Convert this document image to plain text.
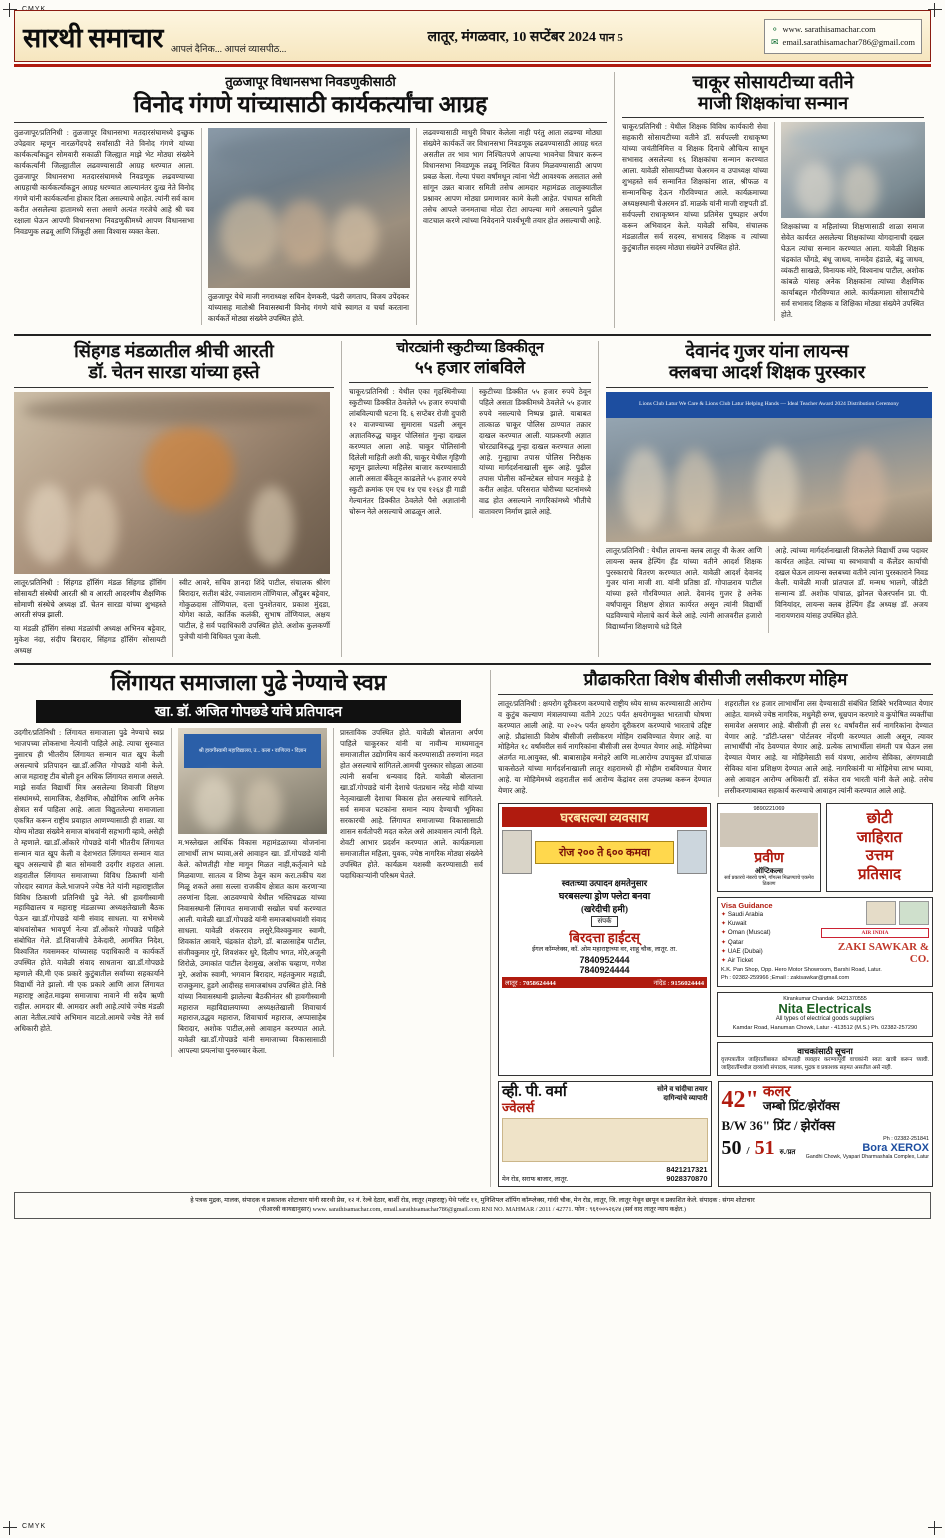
CMYK
सारथी समाचार आपलं दैनिक... आपलं व्यासपीठ...
लातूर, मंगळवार, 10 सप्टेंबर 2024 पान 5
⚬ www. sarathisamachar.com
✉ email.sarathisamachar786@gmail.com
तुळजापूर विधानसभा निवडणुकीसाठी
विनोद गंगणे यांच्यासाठी कार्यकर्त्यांचा आग्रह
तुळजापूर/प्रतिनिधी : तुळजापूर विधानसभा मतदारसंघामध्ये इच्छुक उपेद्रवार म्हणून नारळगेंदपदे सर्वांसाठी नेते विनोद गंगणे यांच्या कार्यकर्त्यांकडून सोमवारी सकाळी जिल्ह्यात माझे भेट मोठ्या संख्येने कार्यकर्त्यांनी जिल्ह्यातील लढवण्यासाठी आग्रह धरण्यात आला. तुळजापूर विधानसभा मतदारसंघामध्ये निवडणूक लढवण्याच्या आग्रहाची कार्यकर्त्यांकडून आग्रह धरण्यात आल्यानंतर दुःख नेते विनोद गंगणे यांनी कार्यकर्त्यांना होकार दिला असल्याचे आहेत. त्यांनी सर्व काम करीत असलेल्या हातामध्ये सत्ता असणे अत्यंत गरजेचे आहे श्री चव रक्षाला घेऊन आपणी विधानसभा निवडणुकीमध्ये आपण विधानसभा निवडणुक लढवू आणि जिंकूही असा विश्वास व्यक्त केला.
तुळजापूर येथे माजी नगराध्यक्ष सचिन देणकरी, पंढरी जगताप, विजय उपेंदकर यांच्यासह मातोश्री निवासस्थानी विनोद गंगणे यांचे स्वागत व चर्चा करताना कार्यकर्ते मोठ्या संख्येने उपस्थित होते.
लढवण्यासाठी माधुरी विचार केलेला नाही परंतु आता लढण्या मोठ्या संख्येने कार्यकर्ते जर विधानसभा निवडणूक लढवण्यासाठी आग्रह धरत असतील तर भाव भाग निश्चितपणे आपल्या भावनेचा विचार करून विधानसभा निवडणूक लढवू निश्चित विजय मिळवण्यासाठी आपण प्रबळ केला. गेल्या पंचरा वर्षांमधून त्यांना भेटी आवश्यक असतात असे सांगून उन्नत बाजार समिती तसेच आमदार महामंडळ तालुक्यातील प्रश्नावर आपण मोठ्या प्रमाणावर कामे केली आहेत. पंचायत समिती तसेच आपले जनमताचा मोठा रोटा आपल्या मागे असल्याने पुढील वाटचाल करणे त्यांच्या निवेदनाने पार्श्वभूमी तयार होत असल्याची आहे.
चाकूर सोसायटीच्या वतीने
माजी शिक्षकांचा सन्मान
चाकूर/प्रतिनिधी : येथील शिक्षक विविध कार्यकारी सेवा सहकारी सोसायटीच्या वतीने डॉ. सर्वपल्ली राधाकृष्ण यांच्या जयंतीनिमित्त व शिक्षक दिनाचे औचित्य साधून सभासद असलेल्या १६ शिक्षकांचा सन्मान करण्यात आला. यावेळी सोसायटीच्या चेअरमन व उपाध्यक्ष यांच्या शुभहस्ते सर्व सन्मानित शिक्षकांना शाल, श्रीफळ व सन्मानचिन्ह देऊन गौरविण्यात आले. कार्यक्रमाच्या अध्यक्षस्थानी चेअरमन डॉ. माळके यांनी माजी राष्ट्रपती डॉ. सर्वपल्ली राधाकृष्णन यांच्या प्रतिमेस पुष्पहार अर्पण करून अभिवादन केले. यावेळी सचिव, संचालक मंडळातील सर्व सदस्य, सभासद शिक्षक व त्यांच्या कुटुंबातील सदस्य मोठ्या संख्येने उपस्थित होते.
शिक्षकांच्या व महिलांच्या शिक्षणासाठी शाळा समाज सेवेत कार्यरत असलेल्या शिक्षकांच्या योगदानाची दखल घेऊन त्यांचा सन्मान करण्यात आला. यावेळी शिक्षक चंद्रकांत घोंगडे, बंधू जाधव, नामदेव हंडाळे, बंडू जाधव, व्यंकटी साखळे, विनायक मोरे, विश्वनाथ पाटील, अशोक कांबळे यांसह अनेक शिक्षकांना त्यांच्या शैक्षणिक कार्याबद्दल गौरविण्यात आले. कार्यक्रमाला सोसायटीचे सर्व सभासद शिक्षक व शिक्षिका मोठ्या संख्येने उपस्थित होते.
सिंहगड मंडळातील श्रीची आरती
डॉ. चेतन सारडा यांच्या हस्ते
लातूर/प्रतिनिधी : सिंहगड हॉसिंग मंडळ सिंहगड हॉसिंग सोसायटी संस्थेची आरती श्री व आरती आदरणीय शैक्षणिक सोमाणी संस्थेचे अध्यक्ष डॉ. चेतन सारडा यांच्या शुभहस्ते आरती संपन्न झाली.
या मंडळी हॉसिंग संस्था मंडळांची अध्यक्ष अभिनव बट्टेवार, मुकेश नंदा, संदीप बिरादार, सिंहगड हॉसिंग सोसायटी अध्यक्ष
स्वीट आवरे, सचिव ज्ञानदा शिंदे पाटील, संचालक श्रीरंग बिरादार, सतीश बंडेर, ज्वालाराम तोंणियाल, औंदुबर बट्टेवार, गोकुळदास तोंणियाल, दत्ता पुनशेतवार, प्रकाश मुंदडा, योगेश काळे, कार्तिक कलंकी, सुभाष तोंणियाल, अक्षय पाटील, हे सर्व पदाधिकारी उपस्थित होते. अशोक कुलकर्णी पुजेची यांनी विधिवत पूजा केली.
चोरट्यांनी स्कुटीच्या डिक्कीतून
५५ हजार लांबविले
चाकूर/प्रतिनिधी : येथील एका गृहस्थिनीच्या स्कुटीच्या डिक्कीत ठेवलेले ५५ हजार रुपयांची लांबविल्याची घटना दि. ६ सप्टेंबर रोजी दुपारी १२ वाजण्याच्या सुमारास घडली असून अज्ञातविरुद्ध चाकूर पोलिसांत गुन्हा दाखल करण्यात आला आहे. चाकूर पोलिसांनी दिलेली माहिती अशी की, चाकूर येथील गृहिणी म्हणून झालेल्या महिलेस बाजार करण्यासाठी आली असता बँकेतून काढलेले ५५ हजार रुपये स्कुटी क्रमांक एम एच १४ एच १२६४ ही गाडी गेल्यानंतर डिक्कीत ठेवलेले पैसे अज्ञातांनी चोरून नेले असल्याचे आढळून आले.
स्कुटीच्या डिक्कीत ५५ हजार रुपये ठेवून पहिले असता डिक्कीमध्ये ठेवलेले ५५ हजार रुपये नसल्याचे निष्पन्न झाले. याबाबत तात्काळ चाकूर पोलिस ठाण्यात तक्रार दाखल करण्यात आली. याप्रकरणी अज्ञात चोरट्याविरुद्ध गुन्हा दाखल करण्यात आला आहे. गुन्ह्याचा तपास पोलिस निरीक्षक यांच्या मार्गदर्शनाखाली सुरू आहे. पुढील तपास पोलीस कॉन्स्टेबल सोपान मरकुंडे हे करीत आहेत. परिसरात चोरीच्या घटनांमध्ये वाढ होत असल्याने नागरिकांमध्ये भीतीचे वातावरण निर्माण झाले आहे.
देवानंद गुजर यांना लायन्स
क्लबचा आदर्श शिक्षक पुरस्कार
Lions Club Latur We Care & Lions Club Latur Helping Hands — Ideal Teacher Award 2024 Distribution Ceremony
लातूर/प्रतिनिधी : येथील लायन्स क्लब लातूर वी केअर आणि लायन्स क्लब हेल्पिंग हँड यांच्या वतीने आदर्श शिक्षक पुरस्काराचे वितरण करण्यात आले. यावेळी आदर्श देवानंद गुजर यांना माजी शा. यांनी प्रतिष्ठा डॉ. गोपाळराव पाटील यांच्या हस्ते गौरविण्यात आले. देवानंद गुजर हे अनेक वर्षांपासून शिक्षण क्षेत्रात कार्यरत असून त्यांनी विद्यार्थी घडविण्याचे मोलाचे कार्य केले आहे. त्यांनी आजवरील हजारो विद्यार्थ्यांना शिक्षणाचे धडे दिले
आहे. त्यांच्या मार्गदर्शनाखाली शिकलेले विद्यार्थी उच्च पदावर कार्यरत आहेत. त्यांच्या या स्वभावाची व कॅलेंडर कार्याची दखल घेऊन लायन्स क्लबच्या वतीने त्यांना पुरस्काराने निवड केली. यावेळी माजी प्रांतपाल डॉ. मन्मथ भालगे, जीडेटी सन्मान्य डॉ. अशोक पांचाळ, झोनल चेअरपर्सन प्रा. पी. विनियांदर, लायन्स क्लब हेल्पिंग हँड अध्यक्ष डॉ. अजय नारायणराव यांसह उपस्थित होते.
लिंगायत समाजाला पुढे नेण्याचे स्वप्न
खा. डॉ. अजित गोपछडे यांचे प्रतिपादन
उदगीर/प्रतिनिधी : लिंगायत समाजाला पुढे नेण्याचे स्वप्न भाजपच्या लोकसभा नेत्यांनी पाहिले आहे. त्याचा सुरुवात नुसारच ही भीतरीय लिंगायत सन्मान यात खूप केली असल्याचे प्रतिपादन खा.डॉ.अजित गोपछडे यांनी केले. आज महाराष्ट्र टीव बोली हून अधिक लिंगायत समाज असले. माझे सर्वात विद्यार्थी मित्र असलेल्या शिवाजी शिक्षण संस्थांमध्ये, सामाजिक, शैक्षणिक, औद्योगिक आणि अनेक क्षेत्रात सर्व पाहिला आहे. आता विद्युतलेल्या समाजाला एकत्रित करून राष्ट्रीय प्रवाहात आणण्यासाठी ही शाळा. या योग्य मोठ्या संख्येने समाज बांधवांनी सहभागी व्हावे, असेही ते म्हणाले. खा.डॉ.ओंकारे गोपछडे यांनी भीतरीय लिंगायत सन्मान यात खूप केली व देशभरात लिंगायत सन्मान यात खूप असल्याचे ही बात सोमवारी उदगीर शहरात आला. शहरातील लिंगायत समाजाच्या विविध ठिकाणी यांनी जोरदार स्वागत केले.भाजपने ज्येष्ठ नेते यांनी महाराष्ट्रातील विविध ठिकाणी प्रतिनिधी पुढे नेले. श्री हावगीस्वामी महाविद्यालय व महाराष्ट्र मंडळाच्या अध्यक्षतेखाली बैठक पेऊन खा.डॉ.गोपछडे यांनी संवाद साधला. या सभेमध्ये बांधवांसोबत भावपूर्ण नेत्या डॉ.ओंकारे गोपछडे पाहिले संबोधित गेले. डॉ.शिवाजीचे ठेकेदारी, आमंत्रित निदेश, विश्वजित गवसमकर यांच्यासह पदाधिकारी व कार्यकर्ते उपस्थित होते. यावेळी संवाद साधताना खा.डॉ.गोपछडे म्हणाले की,मी एक प्रकारे कुटुंबातील सर्वांच्या सहकार्याने विद्यार्थी नेते झालो. मी एक प्रकारे आणि आज लिंगायत महाराष्ट्र आहेत.माझ्या समाजाचा नावाने मी सदैव ऋणी राहील. आमदार बी. आमदार अशी आहे.त्यांचे ज्येष्ठ मंडळी आता नेतील.त्यांचे अभिमान वाटतो.आमचे ज्येष्ठ नेते सर्व अधिकारी होते.
श्री हावगीस्वामी महाविद्यालय, उ... कला • वाणिज्य • विज्ञान
म.भस्लेखल आर्थिक विकास महामंडळाच्या योजनांना लाभार्थी लाभ घ्यावा,असे आवाहन खा. डॉ.गोपछडे यांनी केले. कोणतीही गोष्ट मागून मिळत नाही,कर्तृत्वाने घडे मिळवाणा. सातत्व व शिष्य ठेवून काम करा.तकीच यश मिळू शकते असा सल्ला राजकीय क्षेत्रात काम करणाऱ्या तरुणांना दिला. आठवण्याचे येथील भस्तिचढळ यांच्या निवासस्थानी लिंगायत समाजाची सखोल चर्चा करण्यात आली. यावेळी खा.डॉ.गोपछडे यांनी समाजबांधवांशी संवाद साधला. यावेळी शंकरराव लसुरे,विश्वकुमार स्वामी, शिवकांत आवारे, चंद्रकांत दोडगे, डॉ. बाळासाहेब पाटील, संजीवकुमार गुरे, शिवशंकर धुरे, दिलीप भगत, मोरे,अजूनी शिरोळे, उमाकांत पाटील देशमुख, अशोक चव्हाण, गणेश मुरे, अशोक स्वामी, भगवान बिरादार, महंतकुमार महाडी, राजकुमार, हुडगे आदीसह समाजबांधव उपस्थित होते. निष्ठे यांच्या निवासस्थानी झालेल्या बैठकीनंतर श्री हावगीस्वामी महाराज महाविद्यालयाच्या अध्यक्षतेखाली शिवाचार्य महाराज,उद्धव महाराज, शिवाचार्य महाराज, अप्पासाहेब बिरादार, अशोक पाटील,असे आवाहन करण्यात आले. यावेळी खा.डॉ.गोपछडे यांनी समाजाच्या विकासासाठी आपल्या प्रयत्नांचा पुनरुच्चार केला.
प्रास्ताविक उपस्थित होते. यावेळी बोलताना अर्पण पाहिले चाकूरकर यांनी या नावीन्य माध्यमातून समाजातील उद्योगमिय कार्य करण्यासाठी तरुणांना मदत होत असल्याचे सांगितले.आमची पुरस्कार सोहळा आठवा त्यांनी सर्वांना धन्यवाद दिले. यावेळी बोलताना खा.डॉ.गोपछडे यांनी देशाचे पंतप्रधान नरेंद्र मोदी यांच्या नेतृत्वाखाली देशाचा विकास होत असल्याचे सांगितले. सर्व समाज घटकांना समान न्याय देण्याची भूमिका सरकारची आहे. लिंगायत समाजाच्या विकासासाठी शासन सर्वतोपरी मदत करेल असे आश्वासन त्यांनी दिले. शेवटी आभार प्रदर्शन करण्यात आले. कार्यक्रमाला समाजातील महिला, युवक, ज्येष्ठ नागरिक मोठ्या संख्येने उपस्थित होते. कार्यक्रम यशस्वी करण्यासाठी सर्व पदाधिकाऱ्यांनी परिश्रम घेतले.
प्रौढाकरिता विशेष बीसीजी लसीकरण मोहिम
लातूर/प्रतिनिधी : क्षयरोग दूरीकरण करण्याचे राष्ट्रीय ध्येय साध्य करण्यासाठी आरोग्य व कुटुंब कल्याण मंत्रालयाच्या वतीने 2025 पर्यंत क्षयरोगमुक्त भारताची घोषणा करण्यात आली आहे. या २०२५ पर्यंत क्षयरोग दूरीकरण करण्याचे भारताचे उद्दिष्ट आहे. प्रौढांसाठी विशेष बीसीजी लसीकरण मोहिम राबविण्यात येणार आहे. या मोहिमेत १८ वर्षांवरील सर्व नागरिकांना बीसीजी लस देण्यात येणार आहे. मोहिमेच्या अंतर्गत मा.आयुक्त, श्री. बाबासाहेब मनोहरे आणि मा.आरोग्य उपायुक्त डॉ.पांचाळ चाकसेठले यांच्या मार्गदर्शनाखाली लातूर शहरामध्ये ही मोहीम राबविण्यात येणार आहे. या मोहिमेमध्ये शहरातील सर्व आरोग्य केंद्रांवर लस उपलब्ध करून देण्यात येणार आहे.
शहरातील १४ हजार लाभार्थींना लस देण्यासाठी संबंधित शिबिरे भरविण्यात येणार आहेत. यामध्ये ज्येष्ठ नागरिक, मधुमेही रुग्ण, धूम्रपान करणारे व कुपोषित व्यक्तींचा समावेश असणार आहे. बीसीजी ही लस १८ वर्षांवरील सर्व नागरिकांना देण्यात येणार आहे. "डॉटी-प्लस" पोर्टलवर नोंदणी करण्यात आली असून, त्यावर लाभार्थींची नोंद ठेवण्यात येणार आहे. प्रत्येक लाभार्थीला संमती पत्र घेऊन लस देण्यात येणार आहे. या मोहिमेसाठी सर्व यंत्रणा, आरोग्य सेविका, अंगणवाडी सेविका यांना प्रशिक्षण देण्यात आले आहे. नागरिकांनी या मोहिमेचा लाभ घ्यावा, असे आवाहन आरोग्य अधिकारी डॉ. संकेत राव भारती यांनी केले आहे. तसेच लसीकरणाबाबत सहकार्य करण्याचे आवाहन त्यांनी करण्यात आले आहे.
घरबसल्या व्यवसाय
रोज २०० ते ६०० कमवा
स्वतःच्या उत्पादन क्षमतेनुसार
घरबसल्या ड्रोण फ्लेटा बनवा
(खरेदीची हमी)
संपर्क
बिरदत्ता हाईटस्
ईगल कॉम्प्लेक्स, कॉ. ओम महाराष्ट्राच्या वर, शाहू चौक, लातूर. ता.
7840952444
7840924444
लातूर : 7058624444	नांदेड : 9156024444
9890221069
प्रवीण
ऑप्टिकल्स
सर्व प्रकारचे नंबरचे चष्मे, गॉगल्स मिळण्याचे एकमेव ठिकाण
छोटी
जाहिरात
उत्तम
प्रतिसाद
Visa Guidance
✦ Saudi Arabia
✦ Kuwait
✦ Oman (Muscat)
✦ Qatar
✦ UAE (Dubai)
✦ Air Ticket
AIR INDIA
ZAKI SAWKAR & CO.
K.K. Pan Shop, Opp. Hero Motor Showroom, Barshi Road, Latur.
Ph : 02382-259966 ;Email : zakisawkar@gmail.com
Kirankumar Chandak 9421370555
Nita Electricals
All types of electrical goods suppliers
Kamdar Road, Hanuman Chowk, Latur - 413512 (M.S.) Ph. 02382-257290
वाचकांसाठी सूचना
वृत्तपत्रातील जाहिरातींबाबत कोणताही व्यवहार करण्यापूर्वी वाचकांनी स्वतः खात्री करून घ्यावी. जाहिरातींमधील दाव्यांशी संपादक, मालक, मुद्रक व प्रकाशक सहमत असतील असे नाही.
व्ही. पी. वर्मा
ज्वेलर्स
सोने व चांदीचा तयार
दागिन्यांचे व्यापारी
मेन रोड, सराफ बाजार, लातूर.
8421217321
9028370870
42" कलर
जम्बो प्रिंट/झेरॉक्स
B/W 36" प्रिंट / झेरॉक्स
50 / 51 रु./प्रत
Ph : 02382-251841
Bora XEROX
Gandhi Chowk, Vyapari Dharmashala Complex, Latur
हे पत्रक मुद्रक, मालक, संपादक व प्रकाशक शोटाचार यांनी सारथी प्रेस, १२ नं. रेल्वे देठार, बार्शी रोड, लातूर (महाराष्ट्र) येथे प्लॉट ११, मुनिशिपल शॉपिंग कॉम्प्लेक्स, गांधी चौक, मेन रोड, लातूर, जि. लातूर येथून छापून व प्रकाशित केले. संपादक : संगम शोटाचार
(पीआरबी कायद्यानुसार) www. sarathisamachar.com, email.sarathisamachar786@gmail.com RNI NO. MAHMAR / 2011 / 42771. फोन : ९६१००५२६२४ (सर्व वाद लातूर न्याय कक्षेत.)
